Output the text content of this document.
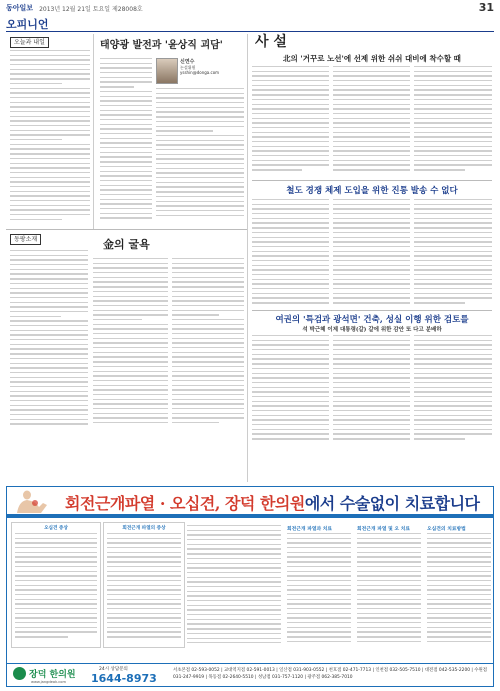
동아일보 2013년 12월 21일 토요일 제28008호	31
오피니언
오늘과 내일	태양광 발전과 '윤상직 괴담'
신연수
논설위원
ysshin@donga.com
동팡소재	金의 굴욕
사 설
北의 '거꾸로 노선'에 선제 위한 쉬쉬 대비에 착수할 때
철도 경쟁 체제 도입을 위한 진통 발송 수 없다
여권의 '특검과 광석면' 건축, 성실 이행 위한 검토를
석 박근혜 이제 대통령(갈) 갈에 위한 감안 또 다고 분배하
회전근개파열 · 오십견, 장덕 한의원에서 수술없이 치료합니다
오십견 증상	회전근개 파열의 증상	회전근개 파열과 치료	회전근개 파열 및 오 치료	오십견의 치료방법
장덕 한의원
www.jangdeok.com
24시 상담문의
1644-8973
서초본점 02-593-0052 | 교대역지점 02-591-0013 | 일산점 031-903-0552 | 천호점 02-471-7713 | 인천점 032-505-7510 | 대전점 042-535-2200 | 수원점 031-247-9919 | 목동점 02-2640-5510 | 성남점 031-757-1120 | 광주점 062-385-7010
